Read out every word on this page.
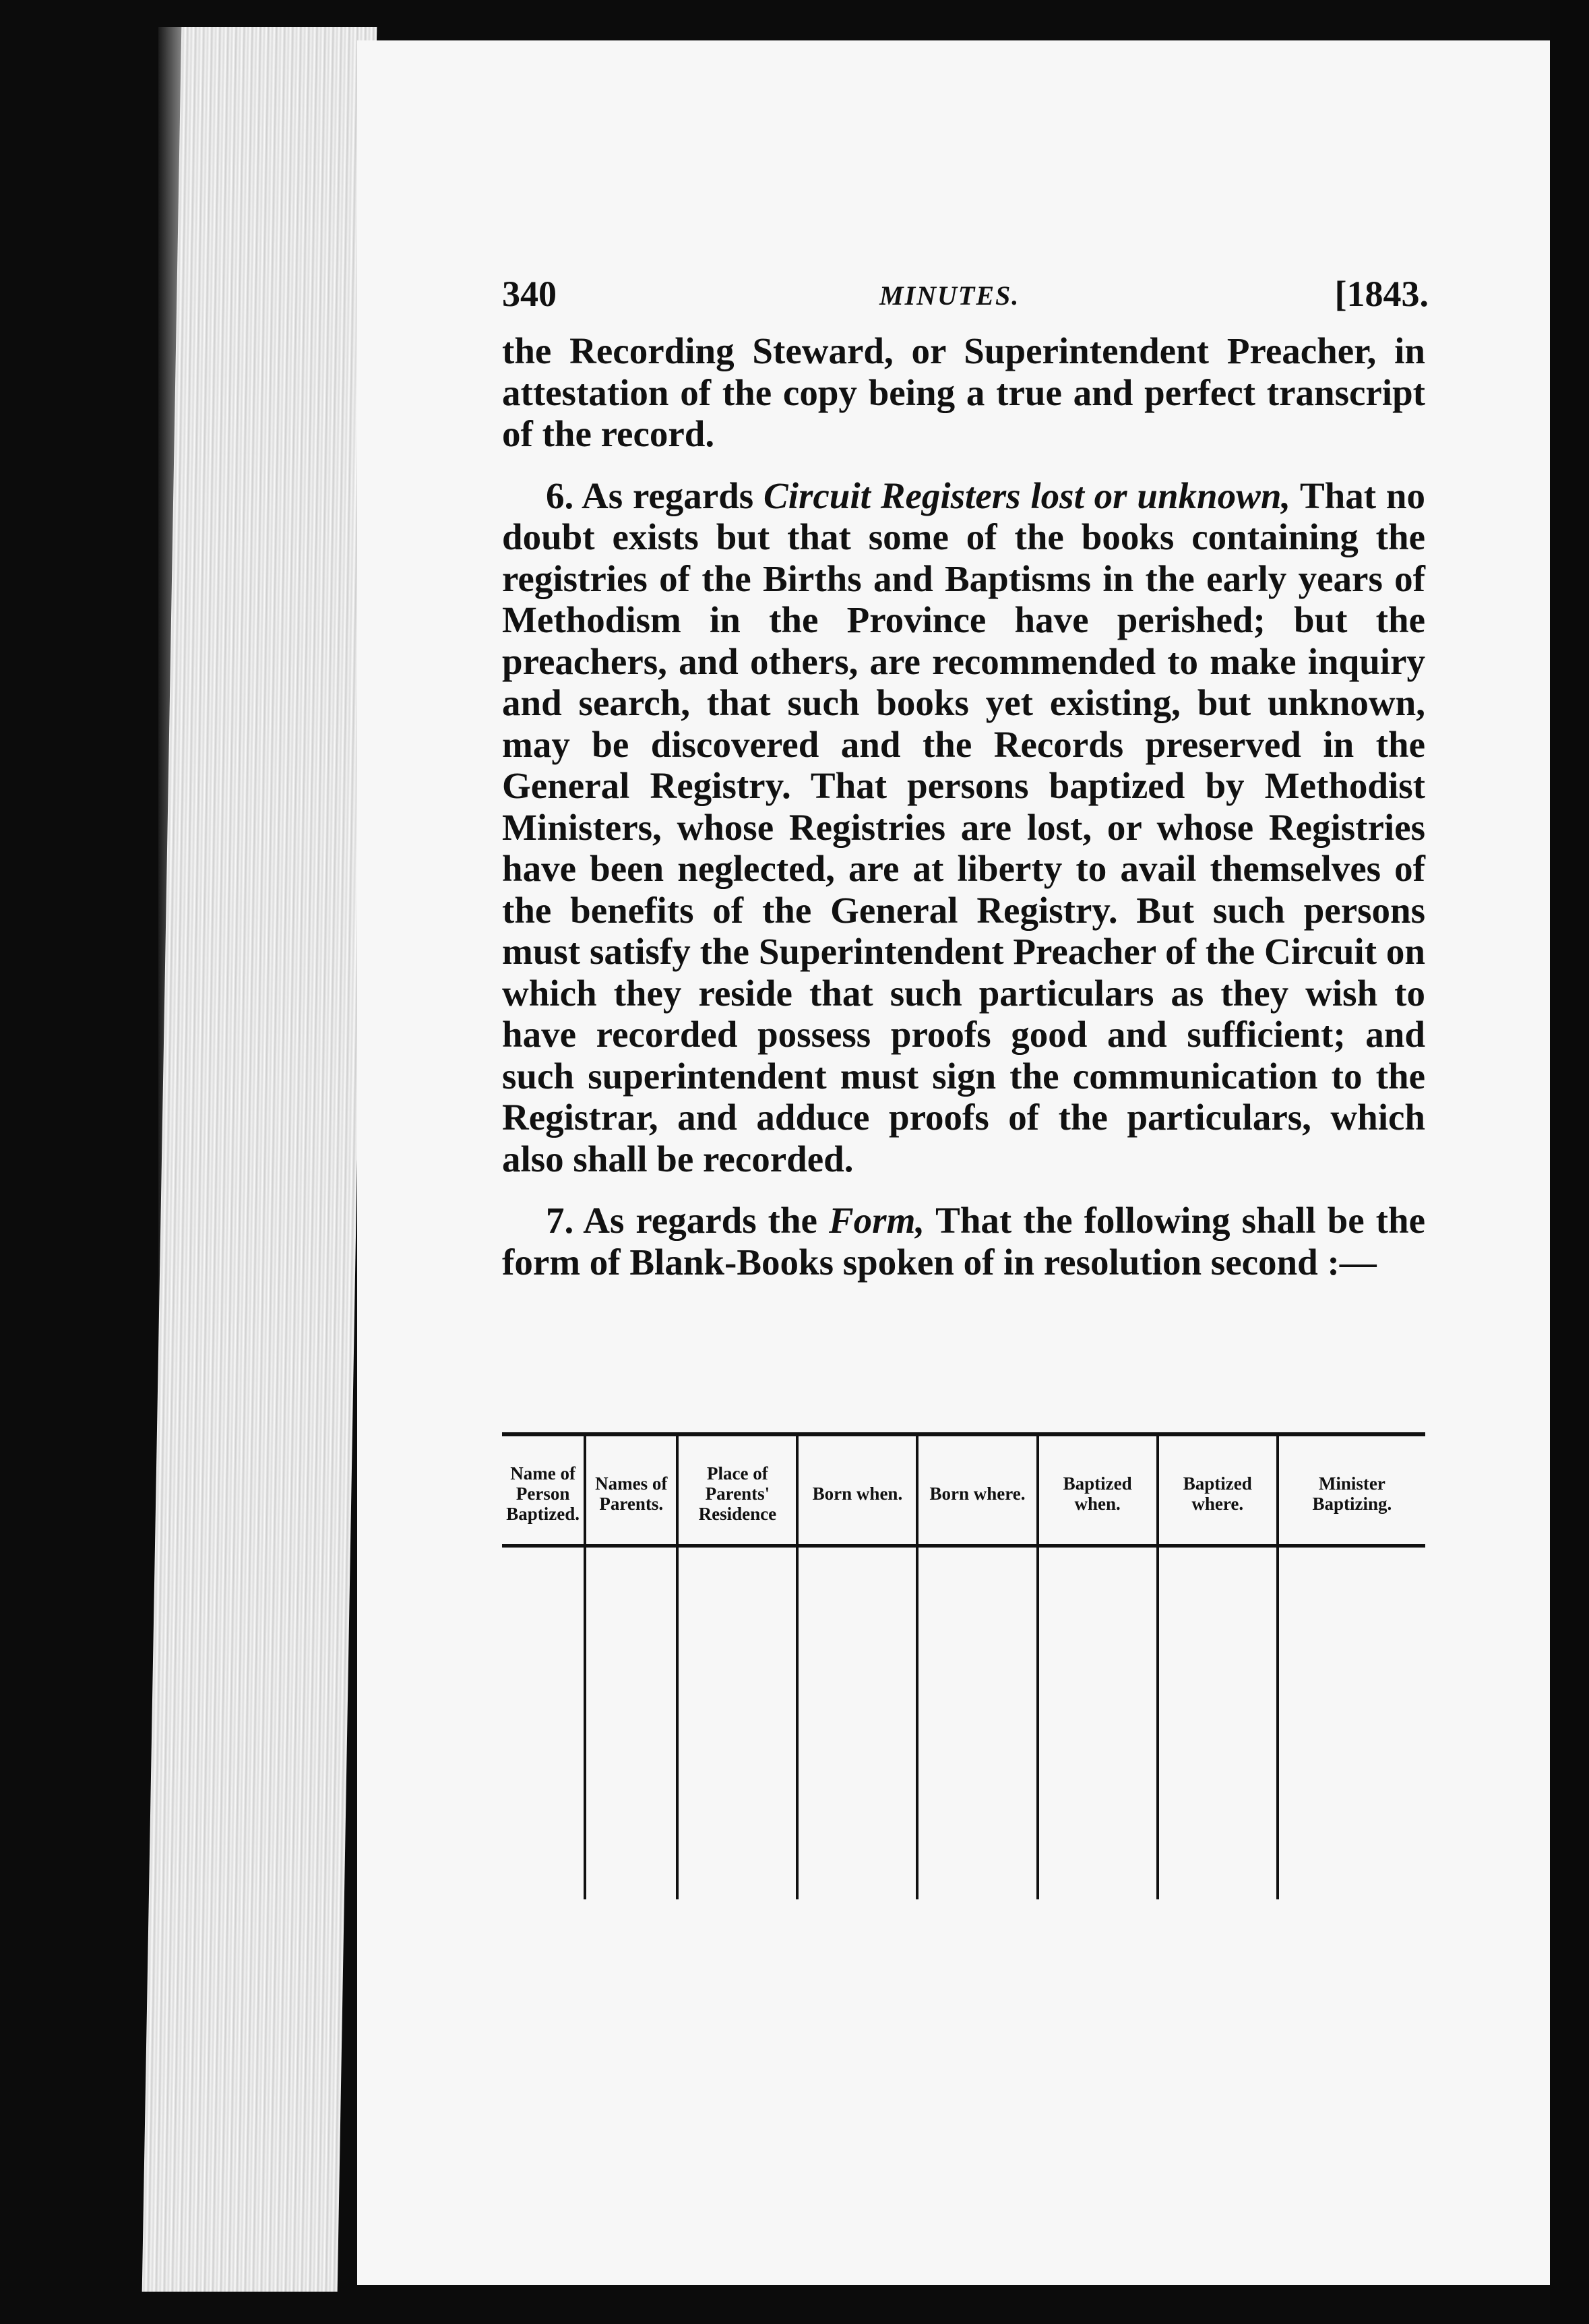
340	MINUTES.	[1843.

the Recording Steward, or Superintendent Preacher, in attestation of the copy being a true and perfect transcript of the record.

6. As regards Circuit Registers lost or unknown, That no doubt exists but that some of the books containing the registries of the Births and Baptisms in the early years of Methodism in the Province have perished; but the preachers, and others, are recommended to make inquiry and search, that such books yet existing, but unknown, may be discovered and the Records preserved in the General Registry. That persons baptized by Methodist Ministers, whose Registries are lost, or whose Registries have been neglected, are at liberty to avail themselves of the benefits of the General Registry. But such persons must satisfy the Superintendent Preacher of the Circuit on which they reside that such particulars as they wish to have recorded possess proofs good and sufficient; and such superintendent must sign the communication to the Registrar, and adduce proofs of the particulars, which also shall be recorded.

7. As regards the Form, That the following shall be the form of Blank-Books spoken of in resolution second :—

Name of Person Baptized.	Names of Parents.	Place of Parents' Residence	Born when.	Born where.	Baptized when.	Baptized where.	Minister Baptizing.
